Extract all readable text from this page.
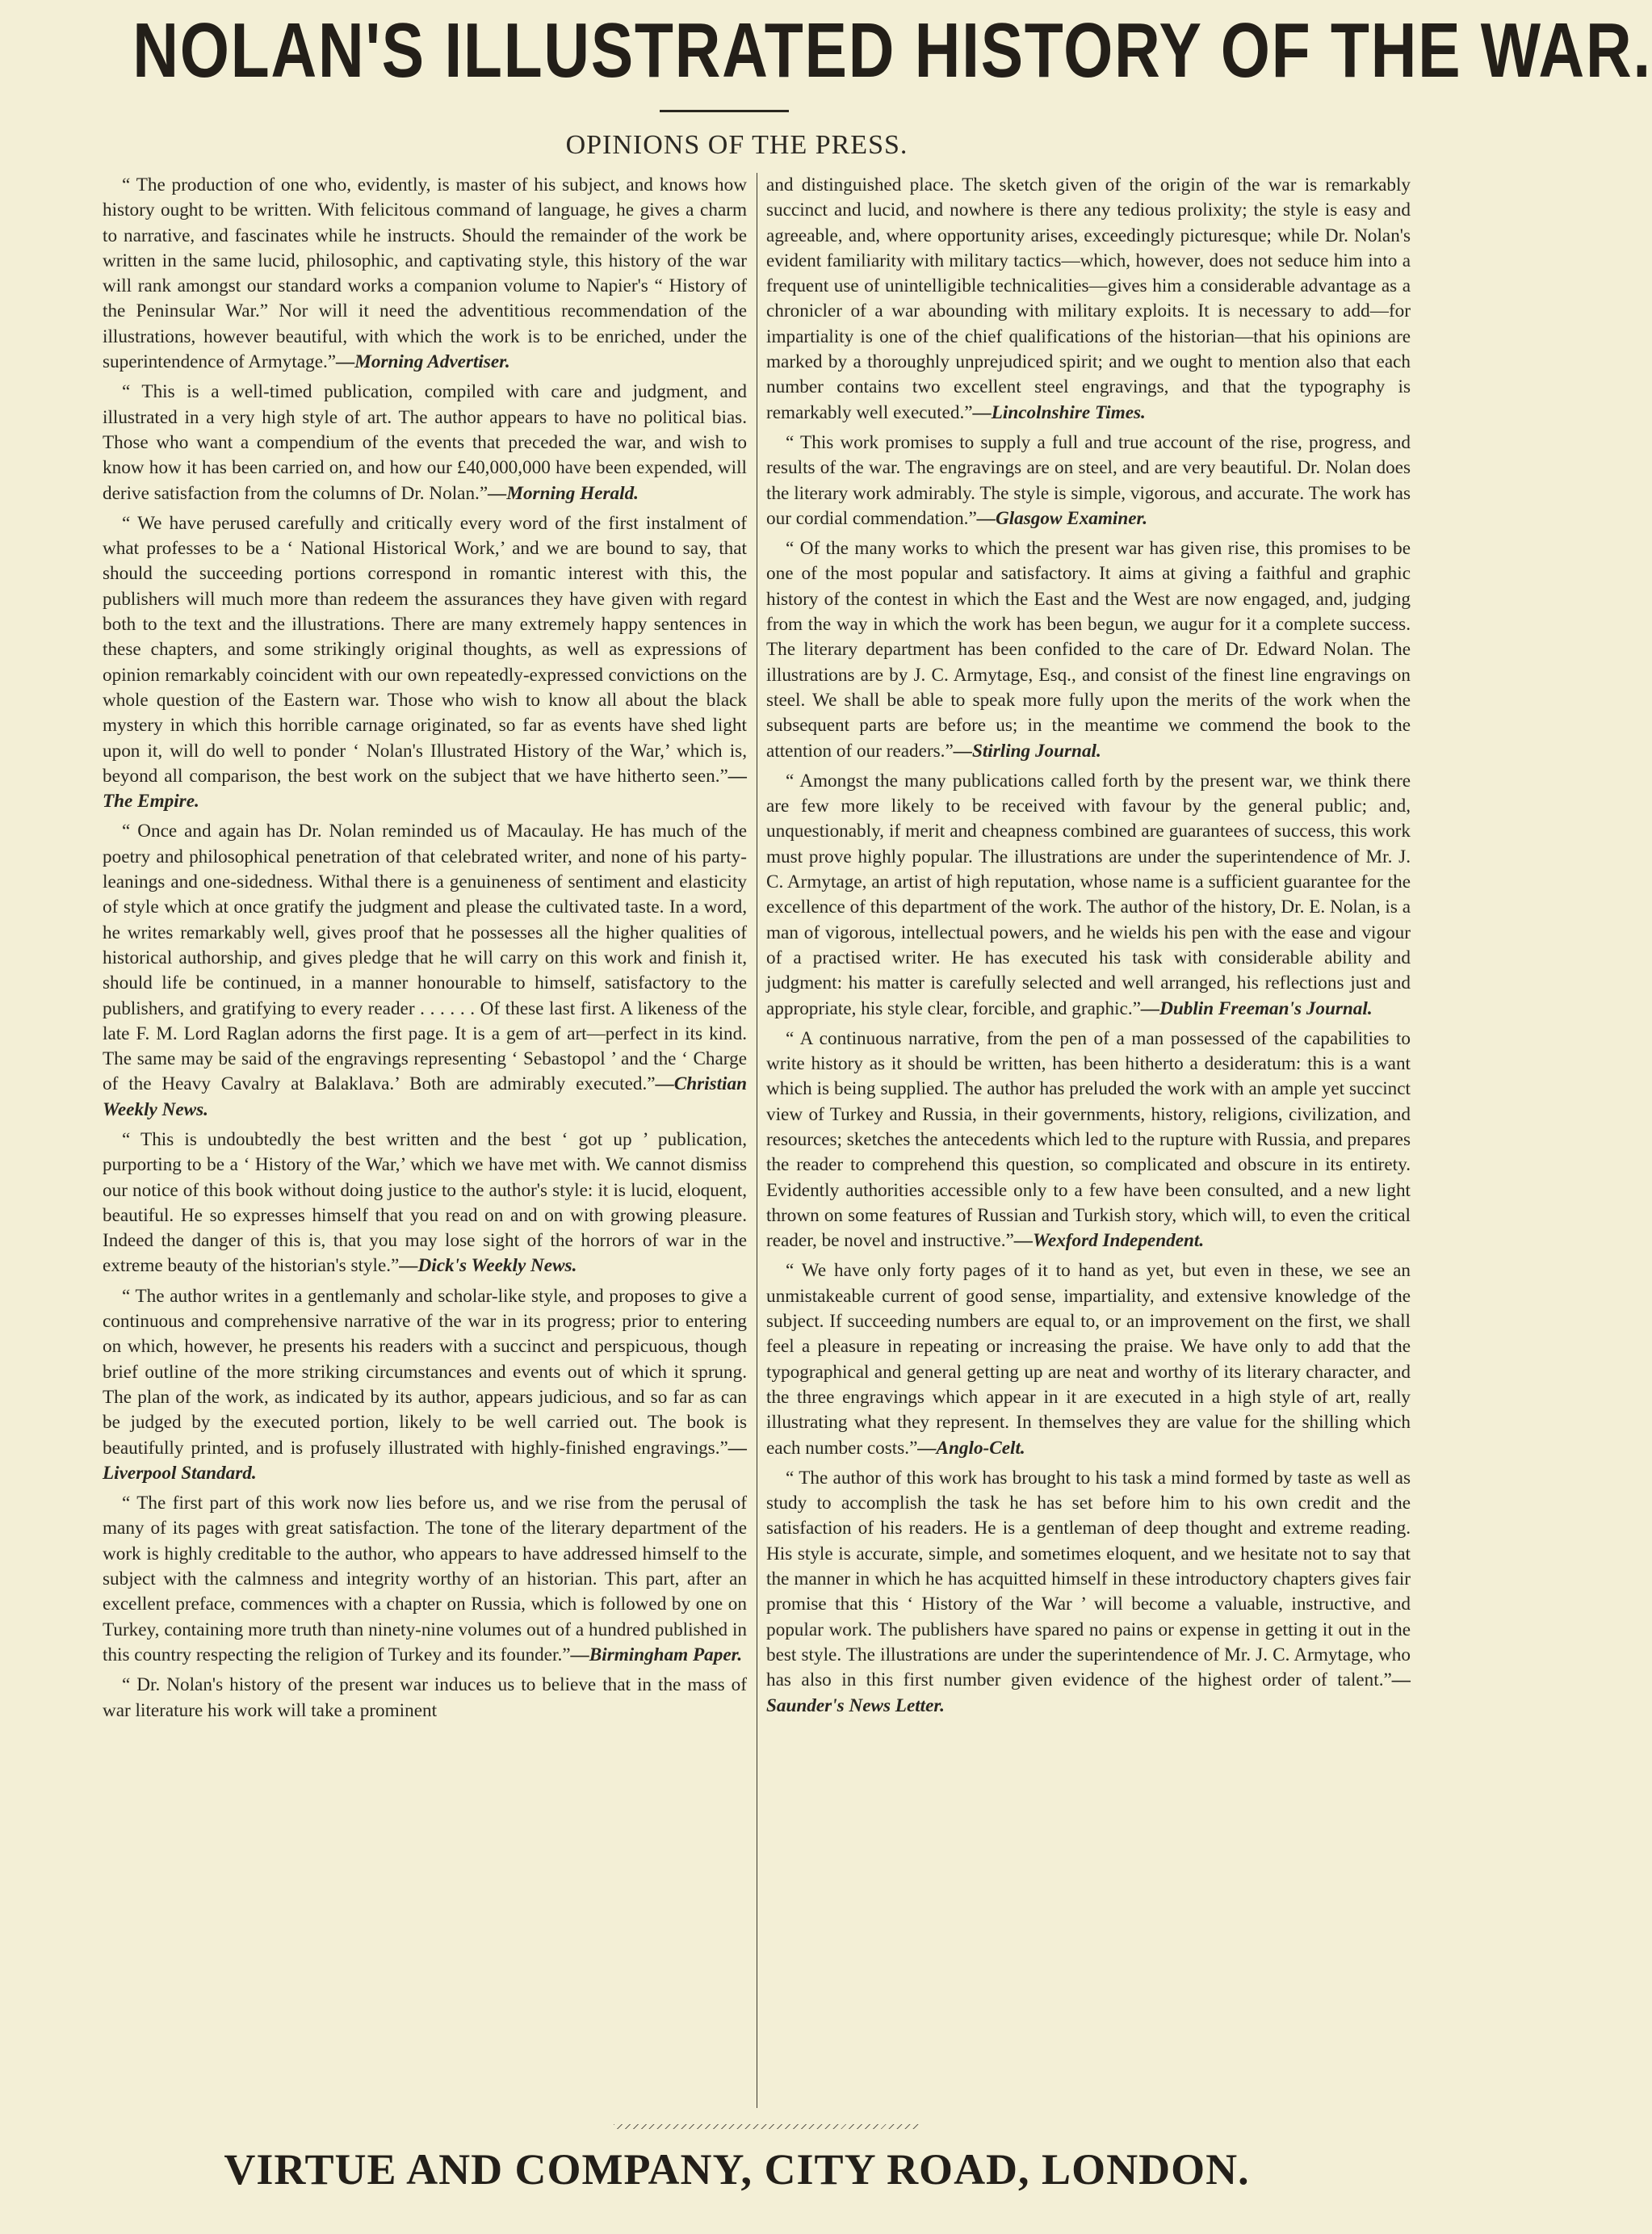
NOLAN'S ILLUSTRATED HISTORY OF THE WAR.
OPINIONS OF THE PRESS.

“ The production of one who, evidently, is master of his subject, and knows how history ought to be written. With felicitous command of language, he gives a charm to narrative, and fascinates while he instructs. Should the remainder of the work be written in the same lucid, philosophic, and captivating style, this history of the war will rank amongst our standard works a companion volume to Napier's “ History of the Peninsular War.” Nor will it need the adventitious recommendation of the illustrations, however beautiful, with which the work is to be enriched, under the superintendence of Armytage.”—Morning Advertiser.

“ This is a well-timed publication, compiled with care and judgment, and illustrated in a very high style of art. The author appears to have no political bias. Those who want a compendium of the events that preceded the war, and wish to know how it has been carried on, and how our £40,000,000 have been expended, will derive satisfaction from the columns of Dr. Nolan.”—Morning Herald.

“ We have perused carefully and critically every word of the first instalment of what professes to be a ‘ National Historical Work,’ and we are bound to say, that should the succeeding portions correspond in romantic interest with this, the publishers will much more than redeem the assurances they have given with regard both to the text and the illustrations. There are many extremely happy sentences in these chapters, and some strikingly original thoughts, as well as expressions of opinion remarkably coincident with our own repeatedly-expressed convictions on the whole question of the Eastern war. Those who wish to know all about the black mystery in which this horrible carnage originated, so far as events have shed light upon it, will do well to ponder ‘ Nolan's Illustrated History of the War,’ which is, beyond all comparison, the best work on the subject that we have hitherto seen.”—The Empire.

“ Once and again has Dr. Nolan reminded us of Macaulay. He has much of the poetry and philosophical penetration of that celebrated writer, and none of his party-leanings and one-sidedness. Withal there is a genuineness of sentiment and elasticity of style which at once gratify the judgment and please the cultivated taste. In a word, he writes remarkably well, gives proof that he possesses all the higher qualities of historical authorship, and gives pledge that he will carry on this work and finish it, should life be continued, in a manner honourable to himself, satisfactory to the publishers, and gratifying to every reader . . . . . . Of these last first. A likeness of the late F. M. Lord Raglan adorns the first page. It is a gem of art—perfect in its kind. The same may be said of the engravings representing ‘ Sebastopol ’ and the ‘ Charge of the Heavy Cavalry at Balaklava.’ Both are admirably executed.”—Christian Weekly News.

“ This is undoubtedly the best written and the best ‘ got up ’ publication, purporting to be a ‘ History of the War,’ which we have met with. We cannot dismiss our notice of this book without doing justice to the author's style: it is lucid, eloquent, beautiful. He so expresses himself that you read on and on with growing pleasure. Indeed the danger of this is, that you may lose sight of the horrors of war in the extreme beauty of the historian's style.”—Dick's Weekly News.

“ The author writes in a gentlemanly and scholar-like style, and proposes to give a continuous and comprehensive narrative of the war in its progress; prior to entering on which, however, he presents his readers with a succinct and perspicuous, though brief outline of the more striking circumstances and events out of which it sprung. The plan of the work, as indicated by its author, appears judicious, and so far as can be judged by the executed portion, likely to be well carried out. The book is beautifully printed, and is profusely illustrated with highly-finished engravings.”—Liverpool Standard.

“ The first part of this work now lies before us, and we rise from the perusal of many of its pages with great satisfaction. The tone of the literary department of the work is highly creditable to the author, who appears to have addressed himself to the subject with the calmness and integrity worthy of an historian. This part, after an excellent preface, commences with a chapter on Russia, which is followed by one on Turkey, containing more truth than ninety-nine volumes out of a hundred published in this country respecting the religion of Turkey and its founder.”—Birmingham Paper.

“ Dr. Nolan's history of the present war induces us to believe that in the mass of war literature his work will take a prominent

and distinguished place. The sketch given of the origin of the war is remarkably succinct and lucid, and nowhere is there any tedious prolixity; the style is easy and agreeable, and, where opportunity arises, exceedingly picturesque; while Dr. Nolan's evident familiarity with military tactics—which, however, does not seduce him into a frequent use of unintelligible technicalities—gives him a considerable advantage as a chronicler of a war abounding with military exploits. It is necessary to add—for impartiality is one of the chief qualifications of the historian—that his opinions are marked by a thoroughly unprejudiced spirit; and we ought to mention also that each number contains two excellent steel engravings, and that the typography is remarkably well executed.”—Lincolnshire Times.

“ This work promises to supply a full and true account of the rise, progress, and results of the war. The engravings are on steel, and are very beautiful. Dr. Nolan does the literary work admirably. The style is simple, vigorous, and accurate. The work has our cordial commendation.”—Glasgow Examiner.

“ Of the many works to which the present war has given rise, this promises to be one of the most popular and satisfactory. It aims at giving a faithful and graphic history of the contest in which the East and the West are now engaged, and, judging from the way in which the work has been begun, we augur for it a complete success. The literary department has been confided to the care of Dr. Edward Nolan. The illustrations are by J. C. Armytage, Esq., and consist of the finest line engravings on steel. We shall be able to speak more fully upon the merits of the work when the subsequent parts are before us; in the meantime we commend the book to the attention of our readers.”—Stirling Journal.

“ Amongst the many publications called forth by the present war, we think there are few more likely to be received with favour by the general public; and, unquestionably, if merit and cheapness combined are guarantees of success, this work must prove highly popular. The illustrations are under the superintendence of Mr. J. C. Armytage, an artist of high reputation, whose name is a sufficient guarantee for the excellence of this department of the work. The author of the history, Dr. E. Nolan, is a man of vigorous, intellectual powers, and he wields his pen with the ease and vigour of a practised writer. He has executed his task with considerable ability and judgment: his matter is carefully selected and well arranged, his reflections just and appropriate, his style clear, forcible, and graphic.”—Dublin Freeman's Journal.

“ A continuous narrative, from the pen of a man possessed of the capabilities to write history as it should be written, has been hitherto a desideratum: this is a want which is being supplied. The author has preluded the work with an ample yet succinct view of Turkey and Russia, in their governments, history, religions, civilization, and resources; sketches the antecedents which led to the rupture with Russia, and prepares the reader to comprehend this question, so complicated and obscure in its entirety. Evidently authorities accessible only to a few have been consulted, and a new light thrown on some features of Russian and Turkish story, which will, to even the critical reader, be novel and instructive.”—Wexford Independent.

“ We have only forty pages of it to hand as yet, but even in these, we see an unmistakeable current of good sense, impartiality, and extensive knowledge of the subject. If succeeding numbers are equal to, or an improvement on the first, we shall feel a pleasure in repeating or increasing the praise. We have only to add that the typographical and general getting up are neat and worthy of its literary character, and the three engravings which appear in it are executed in a high style of art, really illustrating what they represent. In themselves they are value for the shilling which each number costs.”—Anglo-Celt.

“ The author of this work has brought to his task a mind formed by taste as well as study to accomplish the task he has set before him to his own credit and the satisfaction of his readers. He is a gentleman of deep thought and extreme reading. His style is accurate, simple, and sometimes eloquent, and we hesitate not to say that the manner in which he has acquitted himself in these introductory chapters gives fair promise that this ‘ History of the War ’ will become a valuable, instructive, and popular work. The publishers have spared no pains or expense in getting it out in the best style. The illustrations are under the superintendence of Mr. J. C. Armytage, who has also in this first number given evidence of the highest order of talent.”—Saunder's News Letter.

VIRTUE AND COMPANY, CITY ROAD, LONDON.
